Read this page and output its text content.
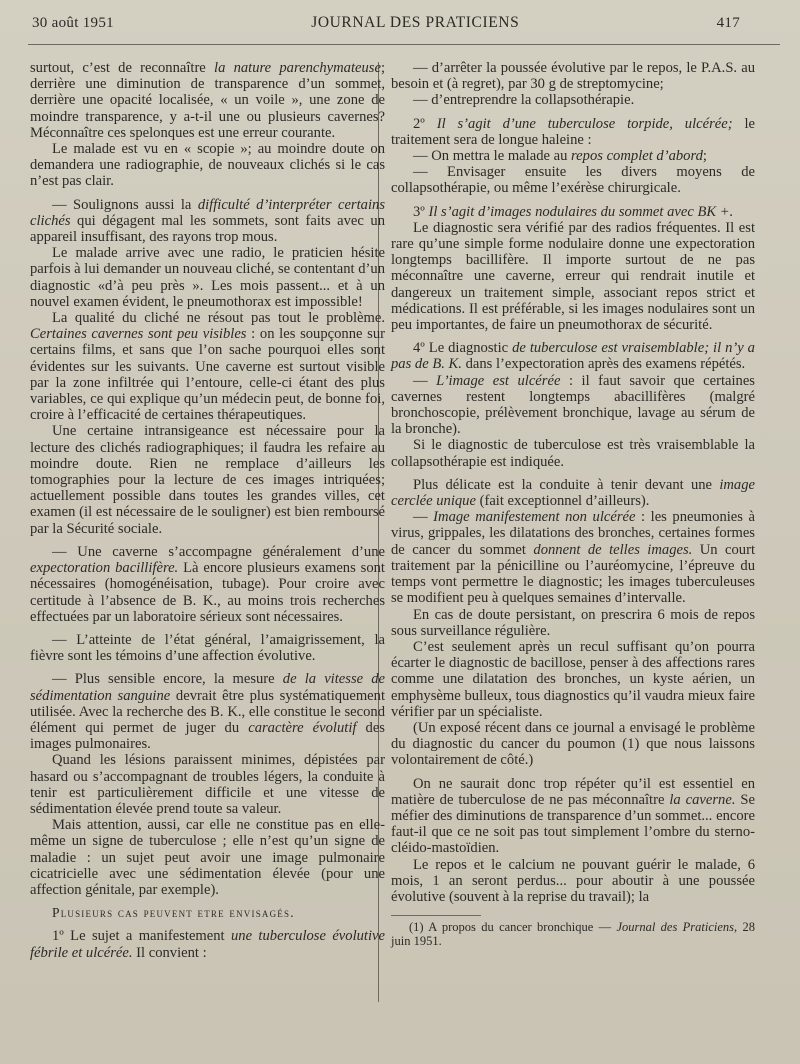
30 août 1951	JOURNAL DES PRATICIENS	417

surtout, c’est de reconnaître la nature parenchymateuse; derrière une diminution de transparence d’un sommet, derrière une opacité localisée, « un voile », une zone de moindre transparence, y a-t-il une ou plusieurs cavernes? Méconnaître ces spelonques est une erreur courante.

Le malade est vu en « scopie »; au moindre doute on demandera une radiographie, de nouveaux clichés si le cas n’est pas clair.

— Soulignons aussi la difficulté d’interpréter certains clichés qui dégagent mal les sommets, sont faits avec un appareil insuffisant, des rayons trop mous.

Le malade arrive avec une radio, le praticien hésite parfois à lui demander un nouveau cliché, se contentant d’un diagnostic «d’à peu près ». Les mois passent... et à un nouvel examen évident, le pneumothorax est impossible!

La qualité du cliché ne résout pas tout le problème. Certaines cavernes sont peu visibles : on les soupçonne sur certains films, et sans que l’on sache pourquoi elles sont évidentes sur les suivants. Une caverne est surtout visible par la zone infiltrée qui l’entoure, celle-ci étant des plus variables, ce qui explique qu’un médecin peut, de bonne foi, croire à l’efficacité de certaines thérapeutiques.

Une certaine intransigeance est nécessaire pour la lecture des clichés radiographiques; il faudra les refaire au moindre doute. Rien ne remplace d’ailleurs les tomographies pour la lecture de ces images intriquées; actuellement possible dans toutes les grandes villes, cet examen (il est nécessaire de le souligner) est bien remboursé par la Sécurité sociale.

— Une caverne s’accompagne généralement d’une expectoration bacillifère. Là encore plusieurs examens sont nécessaires (homogénéisation, tubage). Pour croire avec certitude à l’absence de B. K., au moins trois recherches effectuées par un laboratoire sérieux sont nécessaires.

— L’atteinte de l’état général, l’amaigrissement, la fièvre sont les témoins d’une affection évolutive.

— Plus sensible encore, la mesure de la vitesse de sédimentation sanguine devrait être plus systématiquement utilisée. Avec la recherche des B. K., elle constitue le second élément qui permet de juger du caractère évolutif des images pulmonaires.

Quand les lésions paraissent minimes, dépistées par hasard ou s’accompagnant de troubles légers, la conduite à tenir est particulièrement difficile et une vitesse de sédimentation élevée prend toute sa valeur.

Mais attention, aussi, car elle ne constitue pas en elle-même un signe de tuberculose ; elle n’est qu’un signe de maladie : un sujet peut avoir une image pulmonaire cicatricielle avec une sédimentation élevée (pour une affection génitale, par exemple).

Plusieurs cas peuvent etre envisagés.

1º Le sujet a manifestement une tuberculose évolutive fébrile et ulcérée. Il convient :

— d’arrêter la poussée évolutive par le repos, le P.A.S. au besoin et (à regret), par 30 g de streptomycine;

— d’entreprendre la collapsothérapie.

2º Il s’agit d’une tuberculose torpide, ulcérée; le traitement sera de longue haleine :

— On mettra le malade au repos complet d’abord;

— Envisager ensuite les divers moyens de collapsothérapie, ou même l’exérèse chirurgicale.

3º Il s’agit d’images nodulaires du sommet avec BK +.

Le diagnostic sera vérifié par des radios fréquentes. Il est rare qu’une simple forme nodulaire donne une expectoration longtemps bacillifère. Il importe surtout de ne pas méconnaître une caverne, erreur qui rendrait inutile et dangereux un traitement simple, associant repos strict et médications. Il est préférable, si les images nodulaires sont un peu importantes, de faire un pneumothorax de sécurité.

4º Le diagnostic de tuberculose est vraisemblable; il n’y a pas de B. K. dans l’expectoration après des examens répétés.

— L’image est ulcérée : il faut savoir que certaines cavernes restent longtemps abacillifères (malgré bronchoscopie, prélèvement bronchique, lavage au sérum de la bronche).

Si le diagnostic de tuberculose est très vraisemblable la collapsothérapie est indiquée.

Plus délicate est la conduite à tenir devant une image cerclée unique (fait exceptionnel d’ailleurs).

— Image manifestement non ulcérée : les pneumonies à virus, grippales, les dilatations des bronches, certaines formes de cancer du sommet donnent de telles images. Un court traitement par la pénicilline ou l’auréomycine, l’épreuve du temps vont permettre le diagnostic; les images tuberculeuses se modifient peu à quelques semaines d’intervalle.

En cas de doute persistant, on prescrira 6 mois de repos sous surveillance régulière.

C’est seulement après un recul suffisant qu’on pourra écarter le diagnostic de bacillose, penser à des affections rares comme une dilatation des bronches, un kyste aérien, un emphysème bulleux, tous diagnostics qu’il vaudra mieux faire vérifier par un spécialiste.

(Un exposé récent dans ce journal a envisagé le problème du diagnostic du cancer du poumon (1) que nous laissons volontairement de côté.)

On ne saurait donc trop répéter qu’il est essentiel en matière de tuberculose de ne pas méconnaître la caverne. Se méfier des diminutions de transparence d’un sommet... encore faut-il que ce ne soit pas tout simplement l’ombre du sterno-cléido-mastoïdien.

Le repos et le calcium ne pouvant guérir le malade, 6 mois, 1 an seront perdus... pour aboutir à une poussée évolutive (souvent à la reprise du travail); la

(1) A propos du cancer bronchique — Journal des Praticiens, 28 juin 1951.
